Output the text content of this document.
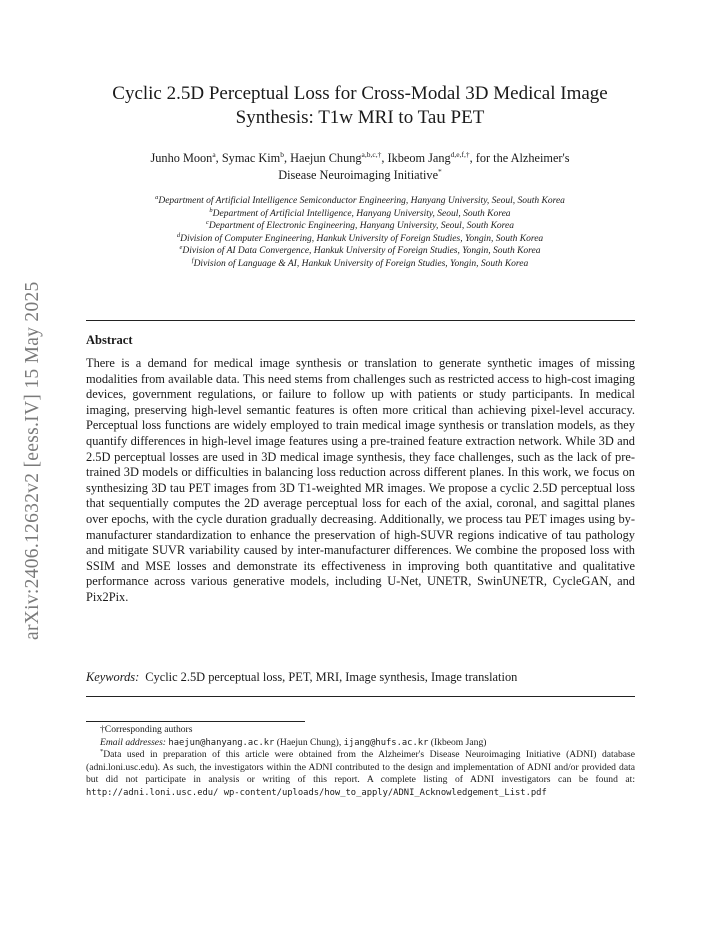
arXiv:2406.12632v2 [eess.IV] 15 May 2025
Cyclic 2.5D Perceptual Loss for Cross-Modal 3D Medical Image
Synthesis: T1w MRI to Tau PET
Junho Moon$^a$, Symac Kim$^b$, Haejun Chung$^{a,b,c,\dagger}$, Ikbeom Jang$^{d,e,f,\dagger}$, for the Alzheimer's
Disease Neuroimaging Initiative*
$^a$Department of Artificial Intelligence Semiconductor Engineering, Hanyang University, Seoul, South Korea
$^b$Department of Artificial Intelligence, Hanyang University, Seoul, South Korea
$^c$Department of Electronic Engineering, Hanyang University, Seoul, South Korea
$^d$Division of Computer Engineering, Hankuk University of Foreign Studies, Yongin, South Korea
$^e$Division of AI Data Convergence, Hankuk University of Foreign Studies, Yongin, South Korea
$^f$Division of Language & AI, Hankuk University of Foreign Studies, Yongin, South Korea
Abstract
There is a demand for medical image synthesis or translation to generate synthetic images of missing modalities from available data. This need stems from challenges such as restricted access to high-cost imaging devices, government regulations, or failure to follow up with patients or study participants. In medical imaging, preserving high-level semantic features is often more critical than achieving pixel-level accuracy. Perceptual loss functions are widely employed to train medical image synthesis or translation models, as they quantify differences in high-level image features using a pre-trained feature extraction network. While 3D and 2.5D perceptual losses are used in 3D medical image synthesis, they face challenges, such as the lack of pre-trained 3D models or difficulties in balancing loss reduction across different planes. In this work, we focus on synthesizing 3D tau PET images from 3D T1-weighted MR images. We propose a cyclic 2.5D perceptual loss that sequentially computes the 2D average perceptual loss for each of the axial, coronal, and sagittal planes over epochs, with the cycle duration gradually decreasing. Additionally, we process tau PET images using by-manufacturer standardization to enhance the preservation of high-SUVR regions indicative of tau pathology and mitigate SUVR variability caused by inter-manufacturer differences. We combine the proposed loss with SSIM and MSE losses and demonstrate its effectiveness in improving both quantitative and qualitative performance across various generative models, including U-Net, UNETR, SwinUNETR, CycleGAN, and Pix2Pix.
Keywords: Cyclic 2.5D perceptual loss, PET, MRI, Image synthesis, Image translation

†Corresponding authors

Email addresses: haejun@hanyang.ac.kr (Haejun Chung), ijang@hufs.ac.kr (Ikbeom Jang)

*Data used in preparation of this article were obtained from the Alzheimer's Disease Neuroimaging Initiative (ADNI) database (adni.loni.usc.edu). As such, the investigators within the ADNI contributed to the design and implementation of ADNI and/or provided data but did not participate in analysis or writing of this report. A complete listing of ADNI investigators can be found at: http://adni.loni.usc.edu/ wp-content/uploads/how_to_apply/ADNI_Acknowledgement_List.pdf
